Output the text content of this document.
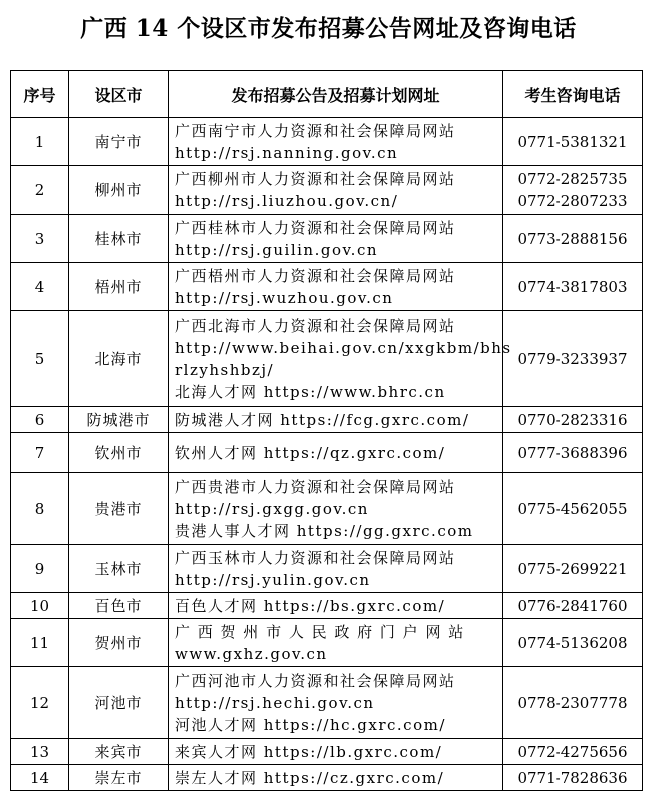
广西 14 个设区市发布招募公告网址及咨询电话
序号	设区市	发布招募公告及招募计划网址	考生咨询电话
1	南宁市	广西南宁市人力资源和社会保障局网站
http://rsj.nanning.gov.cn	0771-5381321

2	柳州市	广西柳州市人力资源和社会保障局网站
http://rsj.liuzhou.gov.cn/	0772-2825735
0772-2807233

3	桂林市	广西桂林市人力资源和社会保障局网站
http://rsj.guilin.gov.cn	0773-2888156

4	梧州市	广西梧州市人力资源和社会保障局网站
http://rsj.wuzhou.gov.cn	0774-3817803

5	北海市	广西北海市人力资源和社会保障局网站
http://www.beihai.gov.cn/xxgkbm/bhs
rlzyhshbzj/
北海人才网 https://www.bhrc.cn	0779-3233937

6	防城港市	防城港人才网 https://fcg.gxrc.com/	0770-2823316

7	钦州市	钦州人才网 https://qz.gxrc.com/	0777-3688396

8	贵港市	广西贵港市人力资源和社会保障局网站
http://rsj.gxgg.gov.cn
贵港人事人才网 https://gg.gxrc.com	0775-4562055

9	玉林市	广西玉林市人力资源和社会保障局网站
http://rsj.yulin.gov.cn	0775-2699221

10	百色市	百色人才网 https://bs.gxrc.com/	0776-2841760

11	贺州市	广 西 贺 州 市 人 民 政 府 门 户 网 站
www.gxhz.gov.cn	0774-5136208

12	河池市	广西河池市人力资源和社会保障局网站
http://rsj.hechi.gov.cn
河池人才网 https://hc.gxrc.com/	0778-2307778

13	来宾市	来宾人才网 https://lb.gxrc.com/	0772-4275656

14	崇左市	崇左人才网 https://cz.gxrc.com/	0771-7828636
